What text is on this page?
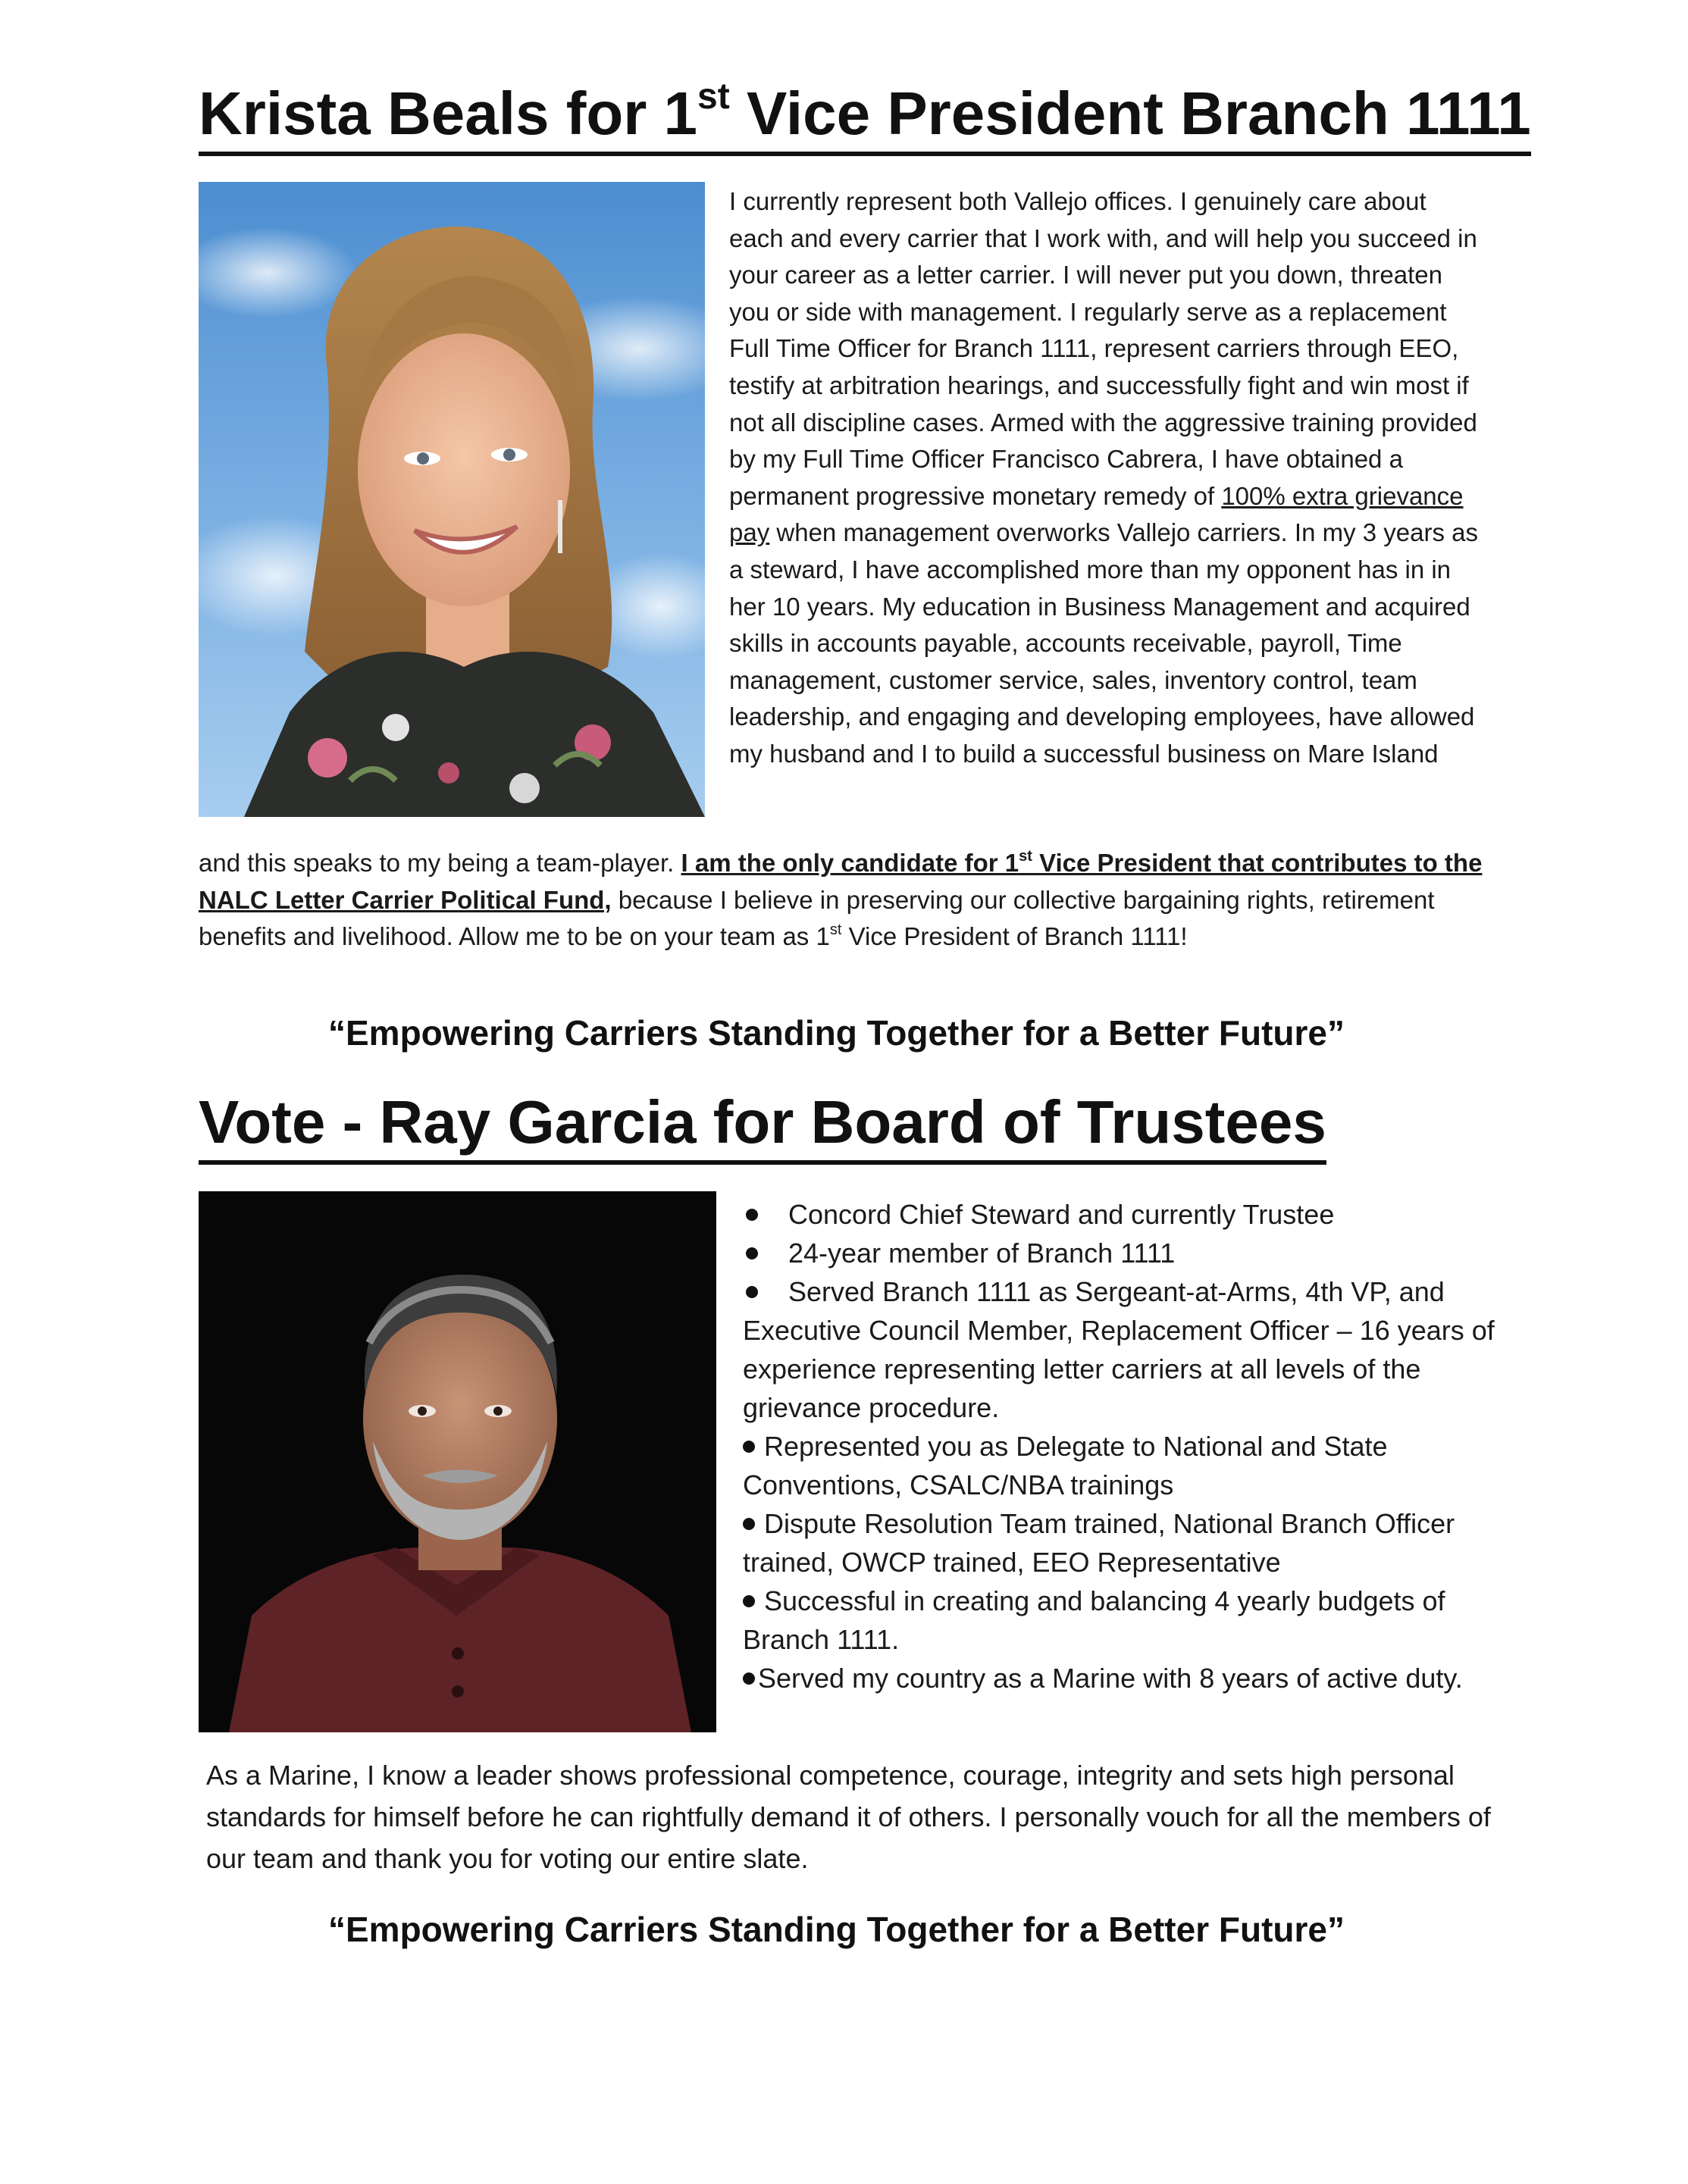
Krista Beals for 1st Vice President Branch 1111

I currently represent both Vallejo offices. I genuinely care about each and every carrier that I work with, and will help you succeed in your career as a letter carrier. I will never put you down, threaten you or side with management. I regularly serve as a replacement Full Time Officer for Branch 1111, represent carriers through EEO, testify at arbitration hearings, and successfully fight and win most if not all discipline cases. Armed with the aggressive training provided by my Full Time Officer Francisco Cabrera, I have obtained a permanent progressive monetary remedy of 100% extra grievance pay when management overworks Vallejo carriers. In my 3 years as a steward, I have accomplished more than my opponent has in in her 10 years. My education in Business Management and acquired skills in accounts payable, accounts receivable, payroll, Time management, customer service, sales, inventory control, team leadership, and engaging and developing employees, have allowed my husband and I to build a successful business on Mare Island

and this speaks to my being a team-player. I am the only candidate for 1st Vice President that contributes to the NALC Letter Carrier Political Fund, because I believe in preserving our collective bargaining rights, retirement benefits and livelihood. Allow me to be on your team as 1st Vice President of Branch 1111!

“Empowering Carriers Standing Together for a Better Future”
Vote - Ray Garcia for Board of Trustees
Concord Chief Steward and currently Trustee
24-year member of Branch 1111
Served Branch 1111 as Sergeant-at-Arms, 4th VP, and Executive Council Member, Replacement Officer – 16 years of experience representing letter carriers at all levels of the grievance procedure.
Represented you as Delegate to National and State Conventions, CSALC/NBA trainings
Dispute Resolution Team trained, National Branch Officer trained, OWCP trained, EEO Representative
Successful in creating and balancing 4 yearly budgets of Branch 1111.
Served my country as a Marine with 8 years of active duty.

As a Marine, I know a leader shows professional competence, courage, integrity and sets high personal standards for himself before he can rightfully demand it of others. I personally vouch for all the members of our team and thank you for voting our entire slate.

“Empowering Carriers Standing Together for a Better Future”
